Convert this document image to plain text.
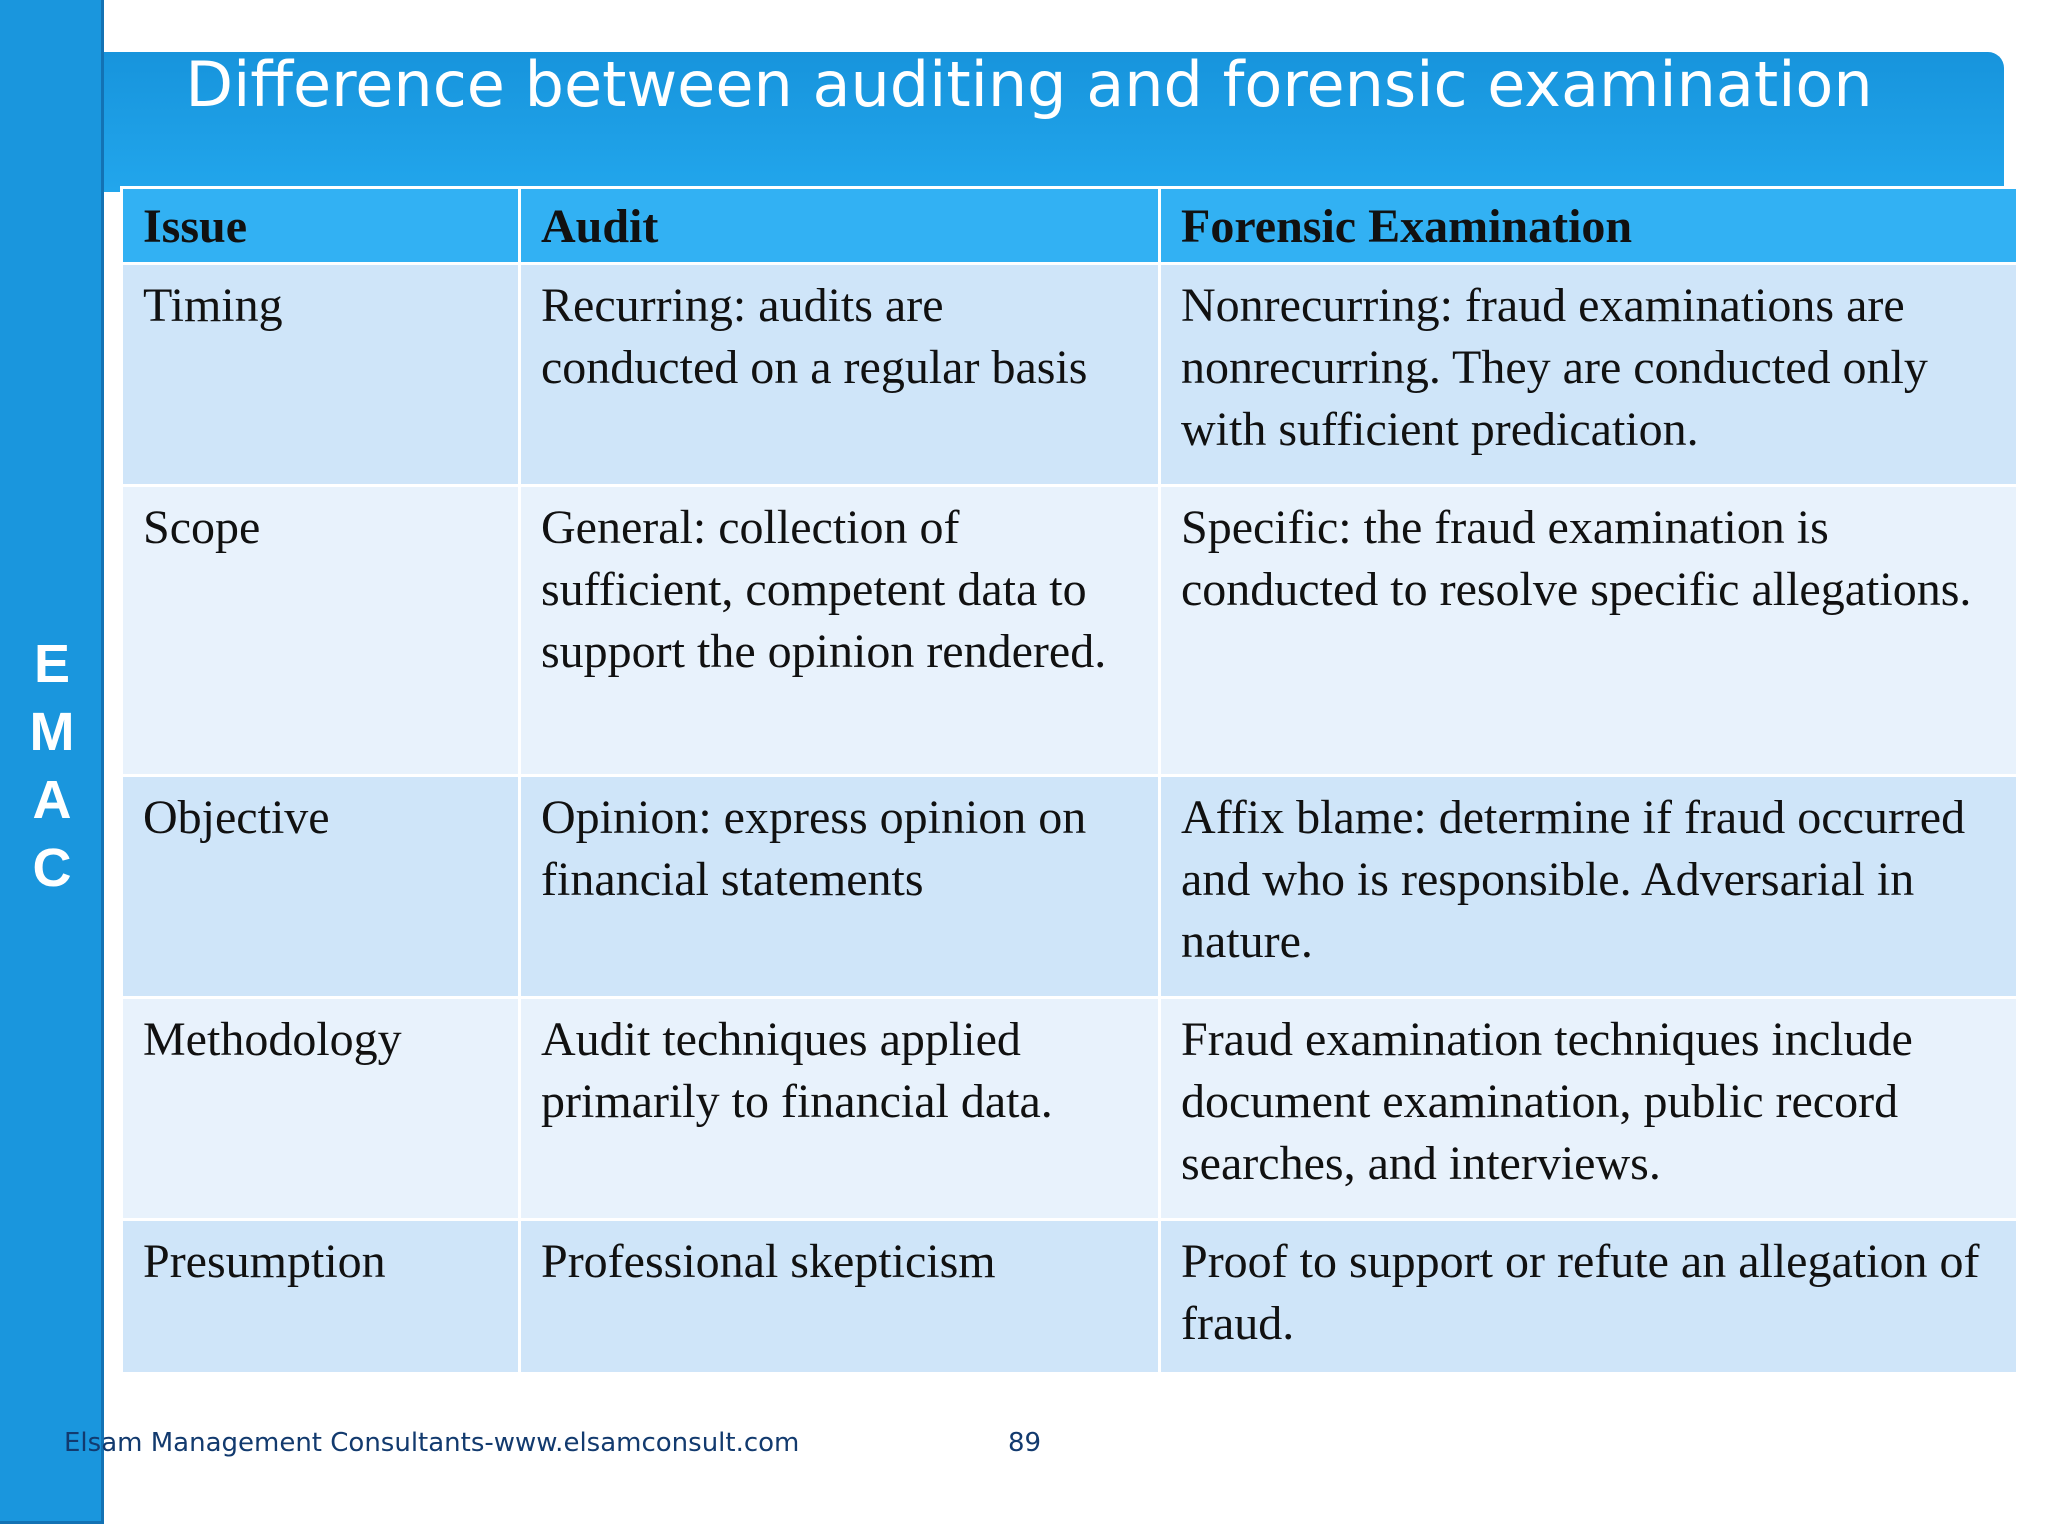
E
M
A
C
Difference between auditing and forensic examination
Issue	Audit	Forensic Examination
Timing	Recurring: audits are conducted on a regular basis	Nonrecurring: fraud examinations are nonrecurring. They are conducted only with sufficient predication.
Scope	General: collection of sufficient, competent data to support the opinion rendered.	Specific: the fraud examination is conducted to resolve specific allegations.
Objective	Opinion: express opinion on financial statements	Affix blame: determine if fraud occurred and who is responsible. Adversarial in nature.
Methodology	Audit techniques applied primarily to financial data.	Fraud examination techniques include document examination, public record searches, and interviews.
Presumption	Professional skepticism	Proof to support or refute an allegation of fraud.
Elsam Management Consultants-www.elsamconsult.com	89
